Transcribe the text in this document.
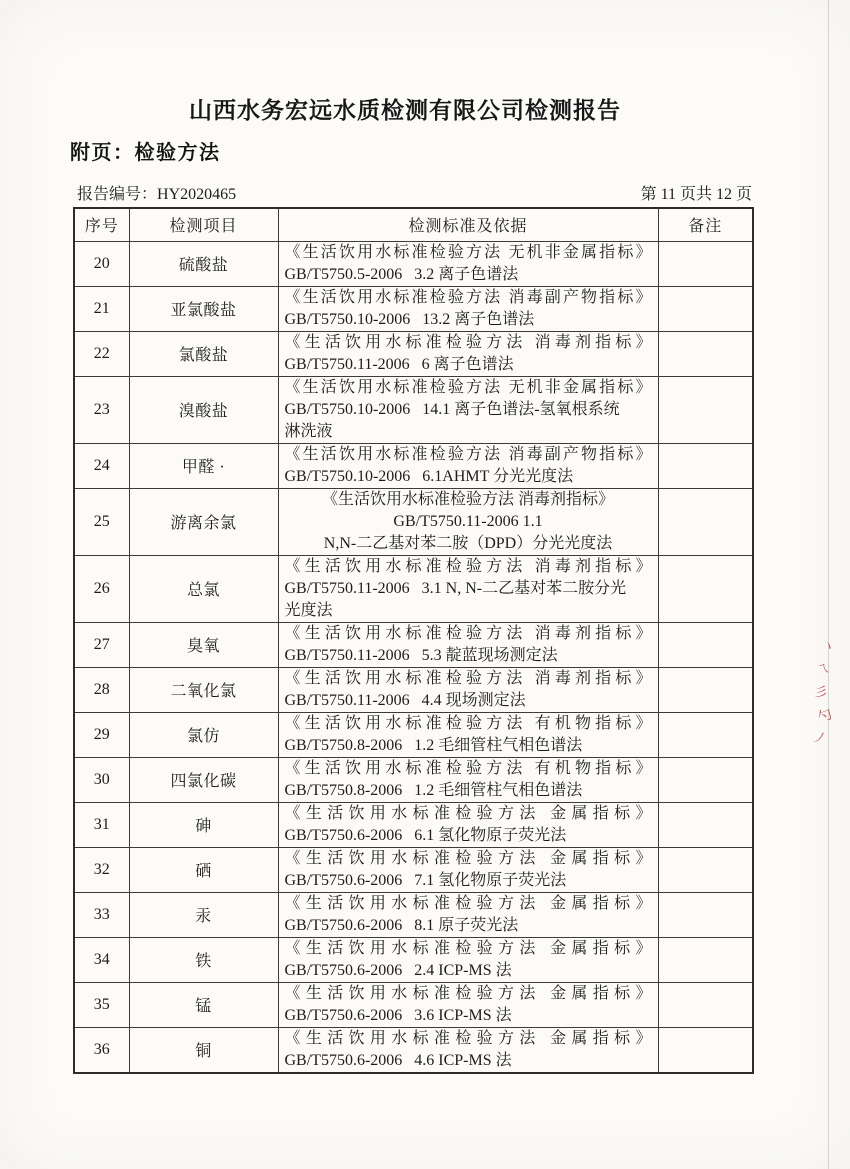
山西水务宏远水质检测有限公司检测报告
附页：检验方法
报告编号：HY2020465	第 11 页共 12 页
序号	检测项目	检测标准及依据	备注
20	硫酸盐	《生活饮用水标准检验方法 无机非金属指标》
GB/T5750.5-2006   3.2 离子色谱法	

21	亚氯酸盐	《生活饮用水标准检验方法 消毒副产物指标》
GB/T5750.10-2006   13.2 离子色谱法	

22	氯酸盐	《生活饮用水标准检验方法 消毒剂指标》
GB/T5750.11-2006   6 离子色谱法	

23	溴酸盐	《生活饮用水标准检验方法 无机非金属指标》
GB/T5750.10-2006   14.1 离子色谱法-氢氧根系统
淋洗液	

24	甲醛 ·	《生活饮用水标准检验方法 消毒副产物指标》
GB/T5750.10-2006   6.1AHMT 分光光度法	

25	游离余氯	《生活饮用水标准检验方法 消毒剂指标》
GB/T5750.11-2006 1.1
N,N-二乙基对苯二胺（DPD）分光光度法	

26	总氯	《生活饮用水标准检验方法 消毒剂指标》
GB/T5750.11-2006   3.1 N, N-二乙基对苯二胺分光
光度法	

27	臭氧	《生活饮用水标准检验方法 消毒剂指标》
GB/T5750.11-2006   5.3 靛蓝现场测定法	

28	二氧化氯	《生活饮用水标准检验方法 消毒剂指标》
GB/T5750.11-2006   4.4 现场测定法	

29	氯仿	《生活饮用水标准检验方法 有机物指标》
GB/T5750.8-2006   1.2 毛细管柱气相色谱法	

30	四氯化碳	《生活饮用水标准检验方法 有机物指标》
GB/T5750.8-2006   1.2 毛细管柱气相色谱法	

31	砷	《生活饮用水标准检验方法 金属指标》
GB/T5750.6-2006   6.1 氢化物原子荧光法	

32	硒	《生活饮用水标准检验方法 金属指标》
GB/T5750.6-2006   7.1 氢化物原子荧光法	

33	汞	《生活饮用水标准检验方法 金属指标》
GB/T5750.6-2006   8.1 原子荧光法	

34	铁	《生活饮用水标准检验方法 金属指标》
GB/T5750.6-2006   2.4 ICP-MS 法	

35	锰	《生活饮用水标准检验方法 金属指标》
GB/T5750.6-2006   3.6 ICP-MS 法	

36	铜	《生活饮用水标准检验方法 金属指标》
GB/T5750.6-2006   4.6 ICP-MS 法	

丶
ㄟ
彡
勺
丿
